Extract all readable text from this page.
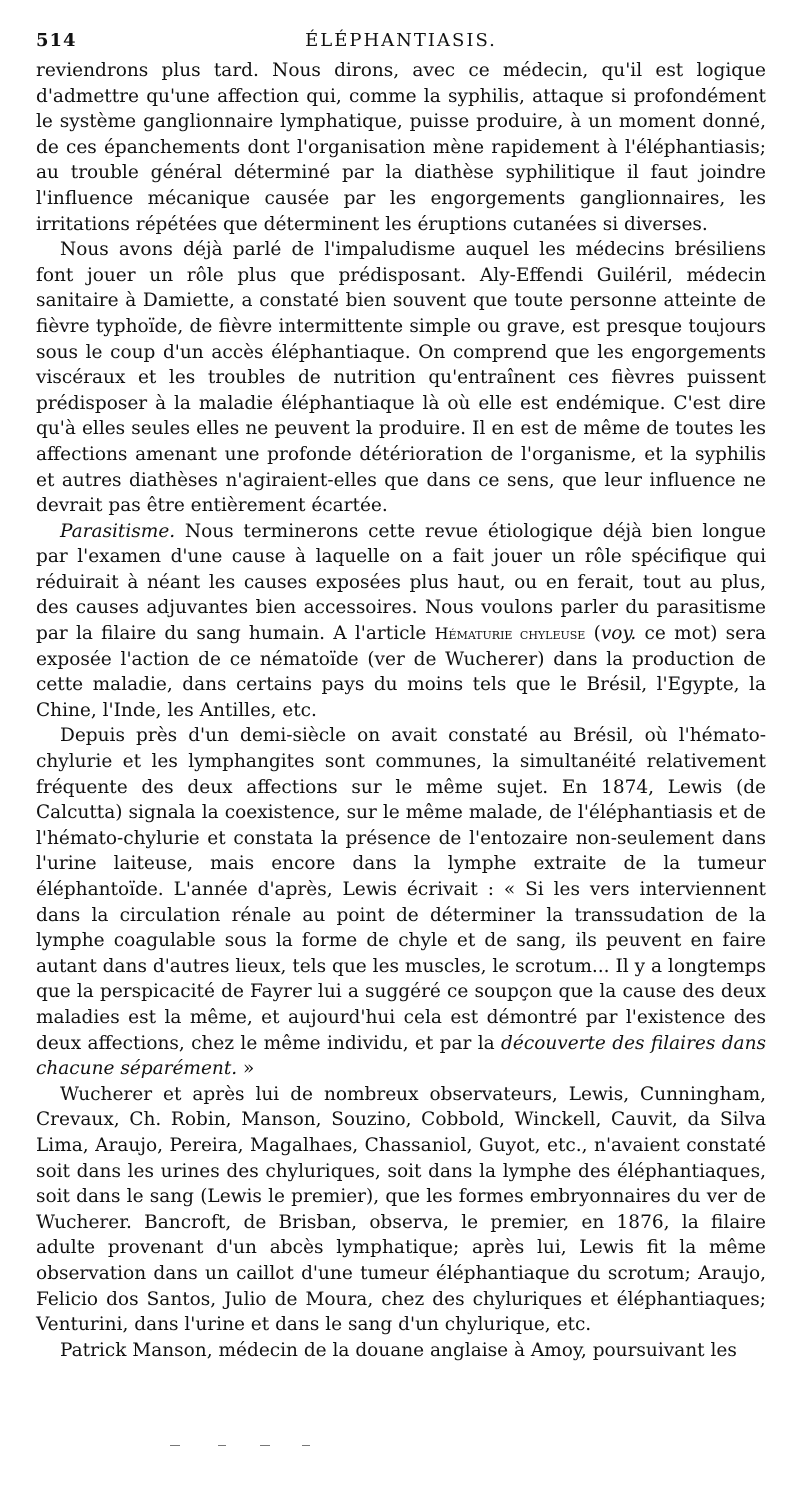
514	ÉLÉPHANTIASIS.

reviendrons plus tard. Nous dirons, avec ce médecin, qu'il est logique d'admettre qu'une affection qui, comme la syphilis, attaque si profondément le système ganglionnaire lymphatique, puisse produire, à un moment donné, de ces épanchements dont l'organisation mène rapidement à l'éléphantiasis; au trouble général déterminé par la diathèse syphilitique il faut joindre l'influence mécanique causée par les engorgements ganglionnaires, les irritations répétées que déterminent les éruptions cutanées si diverses.

Nous avons déjà parlé de l'impaludisme auquel les médecins brésiliens font jouer un rôle plus que prédisposant. Aly-Effendi Guiléril, médecin sanitaire à Damiette, a constaté bien souvent que toute personne atteinte de fièvre typhoïde, de fièvre intermittente simple ou grave, est presque toujours sous le coup d'un accès éléphantiaque. On comprend que les engorgements viscéraux et les troubles de nutrition qu'entraînent ces fièvres puissent prédisposer à la maladie éléphantiaque là où elle est endémique. C'est dire qu'à elles seules elles ne peuvent la produire. Il en est de même de toutes les affections amenant une profonde détérioration de l'organisme, et la syphilis et autres diathèses n'agiraient-elles que dans ce sens, que leur influence ne devrait pas être entièrement écartée.

Parasitisme. Nous terminerons cette revue étiologique déjà bien longue par l'examen d'une cause à laquelle on a fait jouer un rôle spécifique qui réduirait à néant les causes exposées plus haut, ou en ferait, tout au plus, des causes adjuvantes bien accessoires. Nous voulons parler du parasitisme par la filaire du sang humain. A l'article Hématurie chyleuse (voy. ce mot) sera exposée l'action de ce nématoïde (ver de Wucherer) dans la production de cette maladie, dans certains pays du moins tels que le Brésil, l'Egypte, la Chine, l'Inde, les Antilles, etc.

Depuis près d'un demi-siècle on avait constaté au Brésil, où l'hémato-chylurie et les lymphangites sont communes, la simultanéité relativement fréquente des deux affections sur le même sujet. En 1874, Lewis (de Calcutta) signala la coexistence, sur le même malade, de l'éléphantiasis et de l'hémato-chylurie et constata la présence de l'entozaire non-seulement dans l'urine laiteuse, mais encore dans la lymphe extraite de la tumeur éléphantoïde. L'année d'après, Lewis écrivait : « Si les vers interviennent dans la circulation rénale au point de déterminer la transsudation de la lymphe coagulable sous la forme de chyle et de sang, ils peuvent en faire autant dans d'autres lieux, tels que les muscles, le scrotum... Il y a longtemps que la perspicacité de Fayrer lui a suggéré ce soupçon que la cause des deux maladies est la même, et aujourd'hui cela est démontré par l'existence des deux affections, chez le même individu, et par la découverte des filaires dans chacune séparément. »

Wucherer et après lui de nombreux observateurs, Lewis, Cunningham, Crevaux, Ch. Robin, Manson, Souzino, Cobbold, Winckell, Cauvit, da Silva Lima, Araujo, Pereira, Magalhaes, Chassaniol, Guyot, etc., n'avaient constaté soit dans les urines des chyluriques, soit dans la lymphe des éléphantiaques, soit dans le sang (Lewis le premier), que les formes embryonnaires du ver de Wucherer. Bancroft, de Brisban, observa, le premier, en 1876, la filaire adulte provenant d'un abcès lymphatique; après lui, Lewis fit la même observation dans un caillot d'une tumeur éléphantiaque du scrotum; Araujo, Felicio dos Santos, Julio de Moura, chez des chyluriques et éléphantiaques; Venturini, dans l'urine et dans le sang d'un chylurique, etc.

Patrick Manson, médecin de la douane anglaise à Amoy, poursuivant les
